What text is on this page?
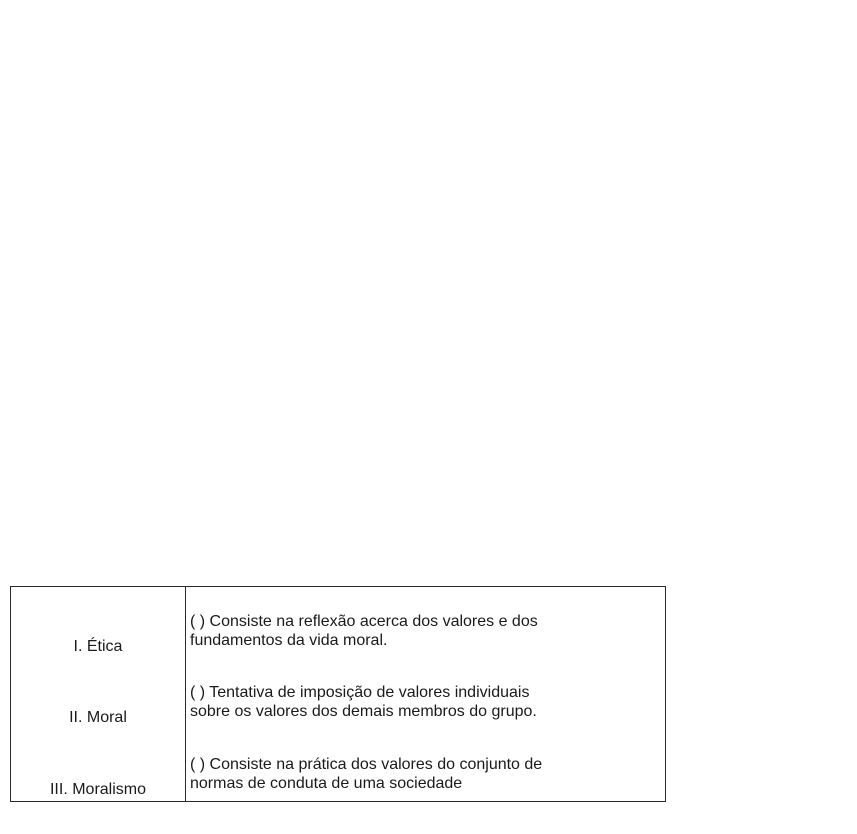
I. Ética
II. Moral
III. Moralismo
( ) Consiste na reflexão acerca dos valores e dos
fundamentos da vida moral.
( ) Tentativa de imposição de valores individuais
sobre os valores dos demais membros do grupo.
( ) Consiste na prática dos valores do conjunto de
normas de conduta de uma sociedade
